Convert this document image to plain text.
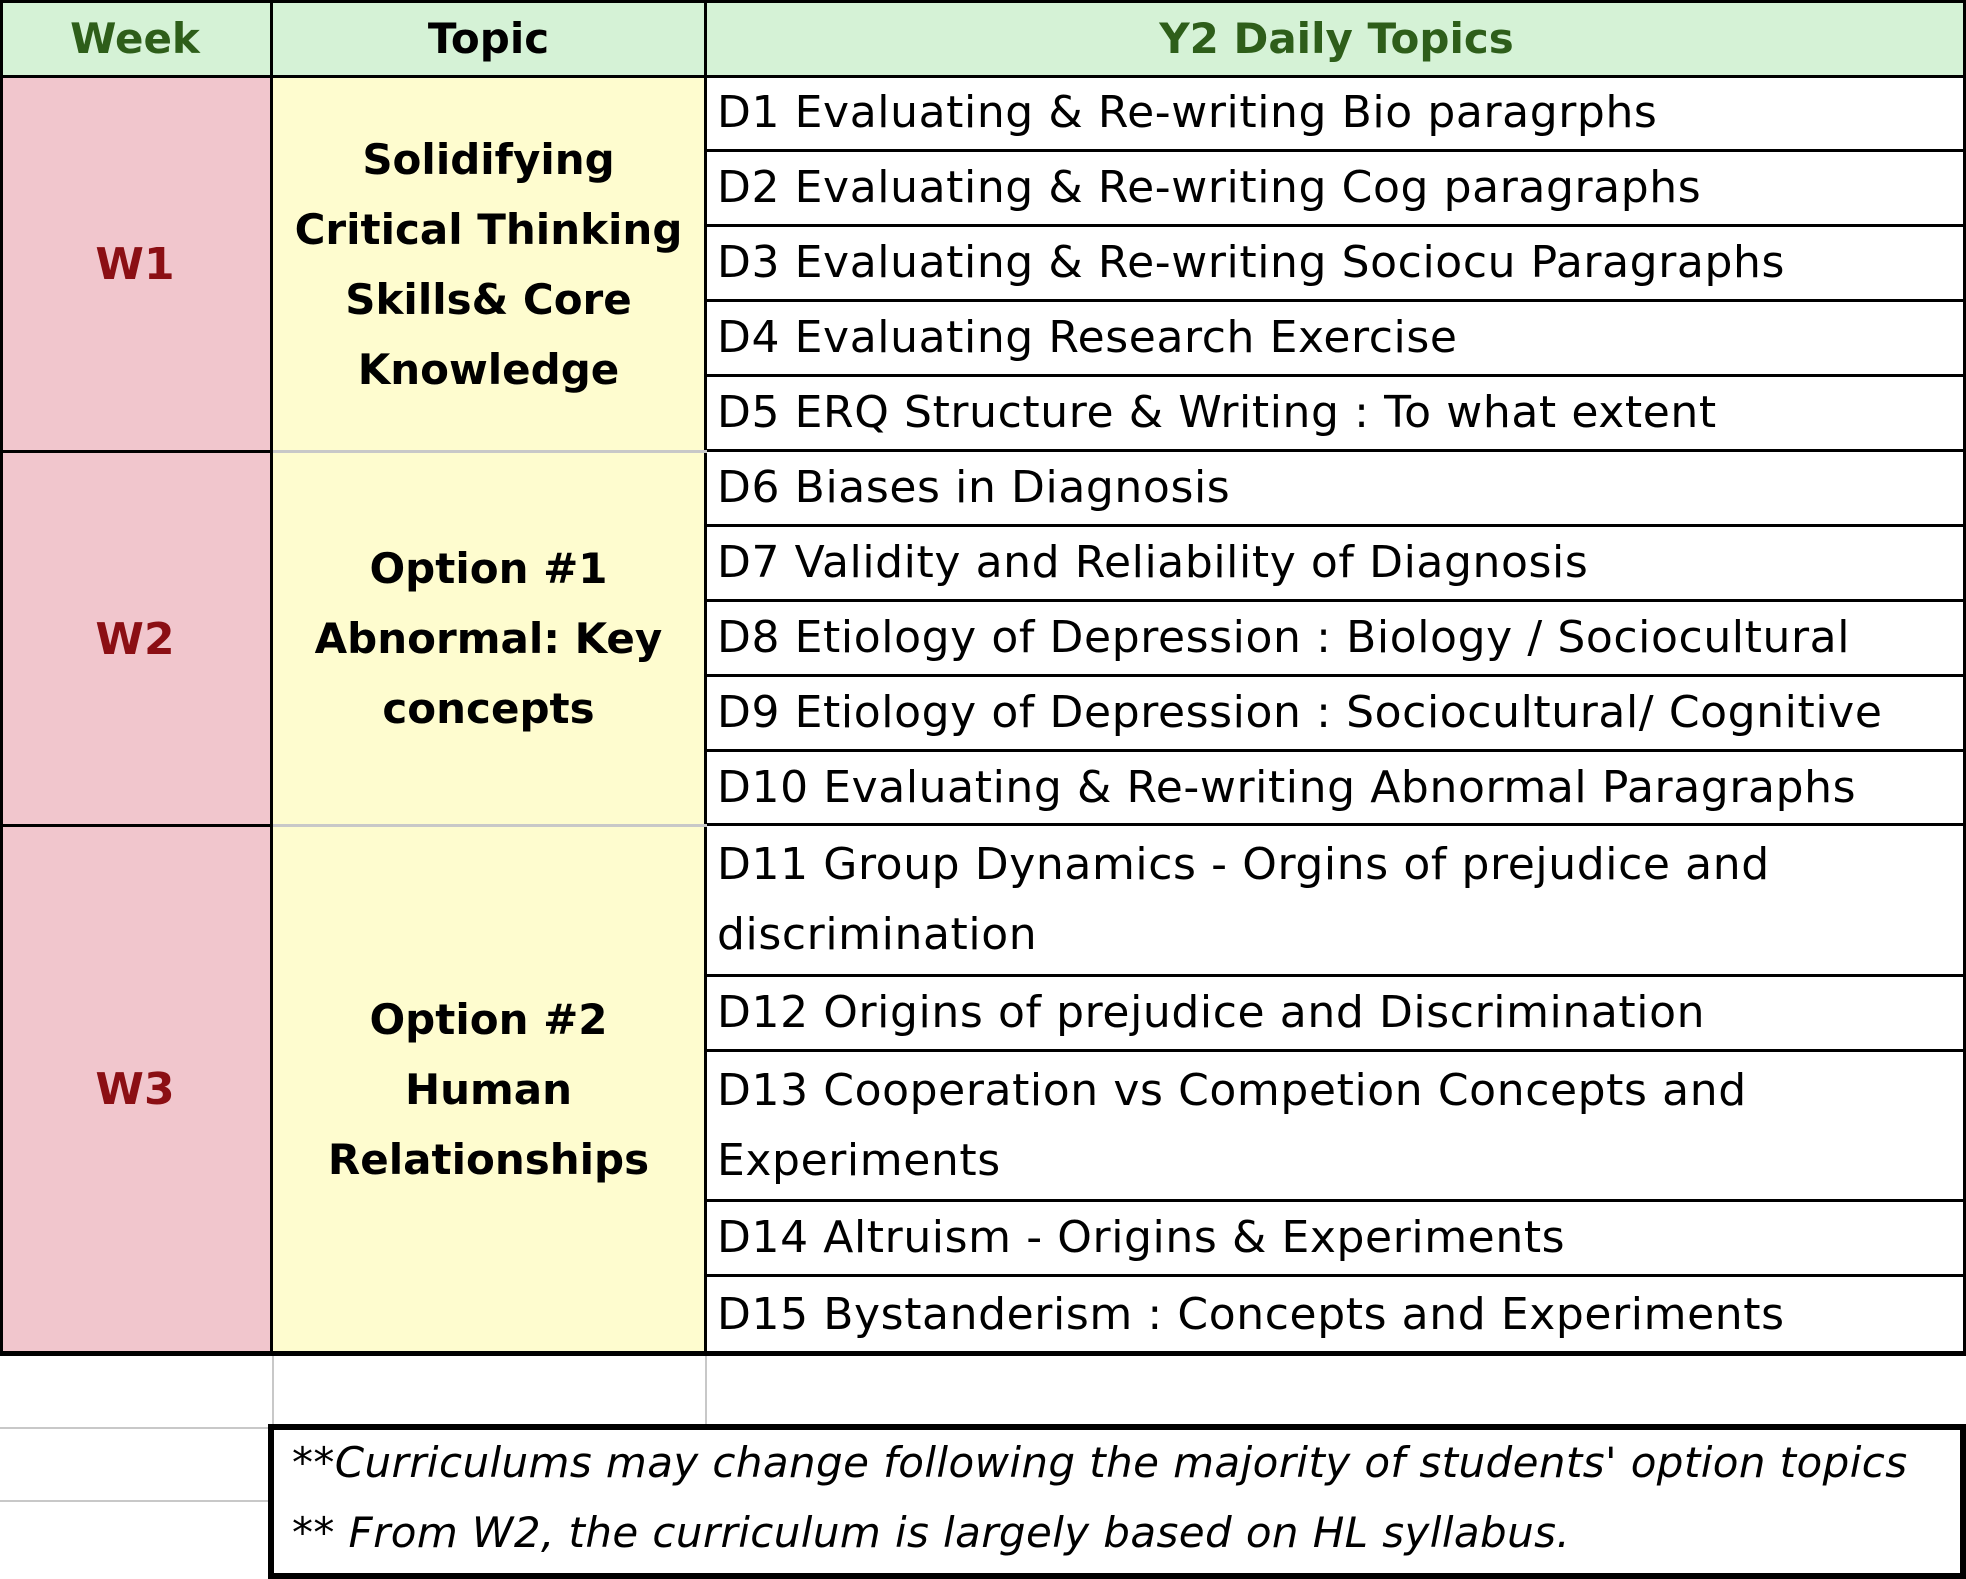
Week	Topic	Y2 Daily Topics
W1
W2
W3
Solidifying Critical Thinking Skills& Core Knowledge
Option #1 Abnormal: Key concepts
Option #2 Human Relationships
D1 Evaluating & Re-writing Bio paragrphs
D2 Evaluating & Re-writing Cog paragraphs
D3 Evaluating & Re-writing Sociocu Paragraphs
D4 Evaluating Research Exercise
D5 ERQ Structure & Writing : To what extent
D6 Biases in Diagnosis
D7 Validity and Reliability of Diagnosis
D8 Etiology of Depression : Biology / Sociocultural
D9 Etiology of Depression : Sociocultural/ Cognitive
D10 Evaluating & Re-writing Abnormal Paragraphs
D11 Group Dynamics - Orgins of prejudice and discrimination
D12 Origins of prejudice and Discrimination
D13 Cooperation vs Competion Concepts and Experiments
D14 Altruism - Origins & Experiments
D15 Bystanderism : Concepts and Experiments
**Curriculums may change following the majority of students' option topics
** From W2, the curriculum is largely based on HL syllabus.
